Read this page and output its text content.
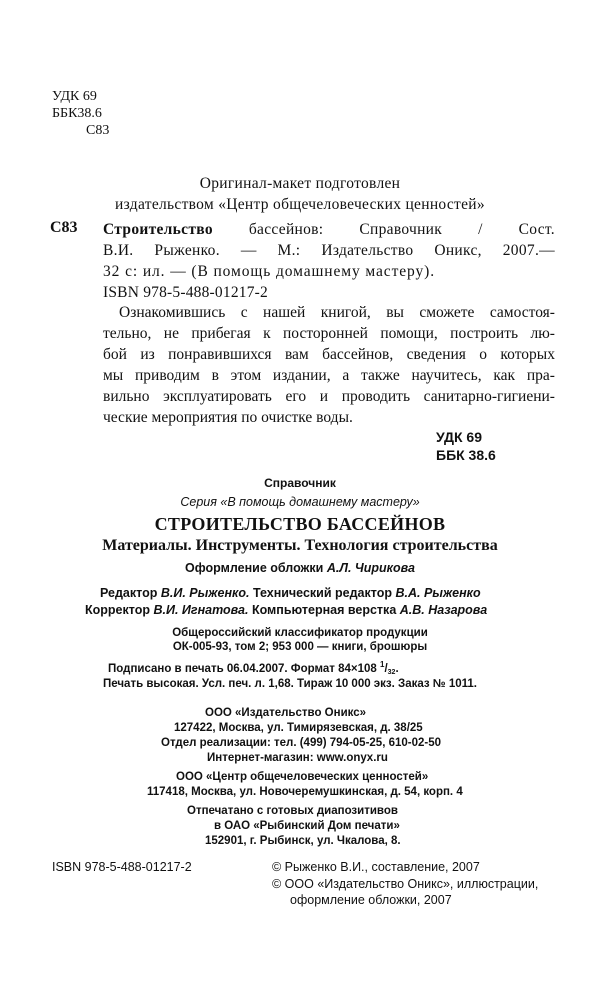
УДК 69
ББК38.6
С83
Оригинал-макет подготовлен
издательством «Центр общечеловеческих ценностей»
С83 Строительство бассейнов: Справочник / Сост.
В.И. Рыженко. — М.: Издательство Оникс, 2007.—
32 с: ил. — (В помощь домашнему мастеру).
ISBN 978-5-488-01217-2
Ознакомившись с нашей книгой, вы сможете самостоя-
тельно, не прибегая к посторонней помощи, построить лю-
бой из понравившихся вам бассейнов, сведения о которых
мы приводим в этом издании, а также научитесь, как пра-
вильно эксплуатировать его и проводить санитарно-гигиени-
ческие мероприятия по очистке воды.
УДК 69
ББК 38.6
Справочник
Серия «В помощь домашнему мастеру»
СТРОИТЕЛЬСТВО БАССЕЙНОВ
Материалы. Инструменты. Технология строительства
Оформление обложки А.Л. Чирикова
Редактор В.И. Рыженко. Технический редактор В.А. Рыженко
Корректор В.И. Игнатова. Компьютерная верстка А.В. Назарова
Общероссийский классификатор продукции
ОК-005-93, том 2; 953 000 — книги, брошюры
Подписано в печать 06.04.2007. Формат 84×108 $^1/_{32}$.
Печать высокая. Усл. печ. л. 1,68. Тираж 10 000 экз. Заказ № 1011.
ООО «Издательство Оникс»
127422, Москва, ул. Тимирязевская, д. 38/25
Отдел реализации: тел. (499) 794-05-25, 610-02-50
Интернет-магазин: www.onyx.ru
ООО «Центр общечеловеческих ценностей»
117418, Москва, ул. Новочеремушкинская, д. 54, корп. 4
Отпечатано с готовых диапозитивов
в ОАО «Рыбинский Дом печати»
152901, г. Рыбинск, ул. Чкалова, 8.
ISBN 978-5-488-01217-2	© Рыженко В.И., составление, 2007
© ООО «Издательство Оникс», иллюстрации,
оформление обложки, 2007
